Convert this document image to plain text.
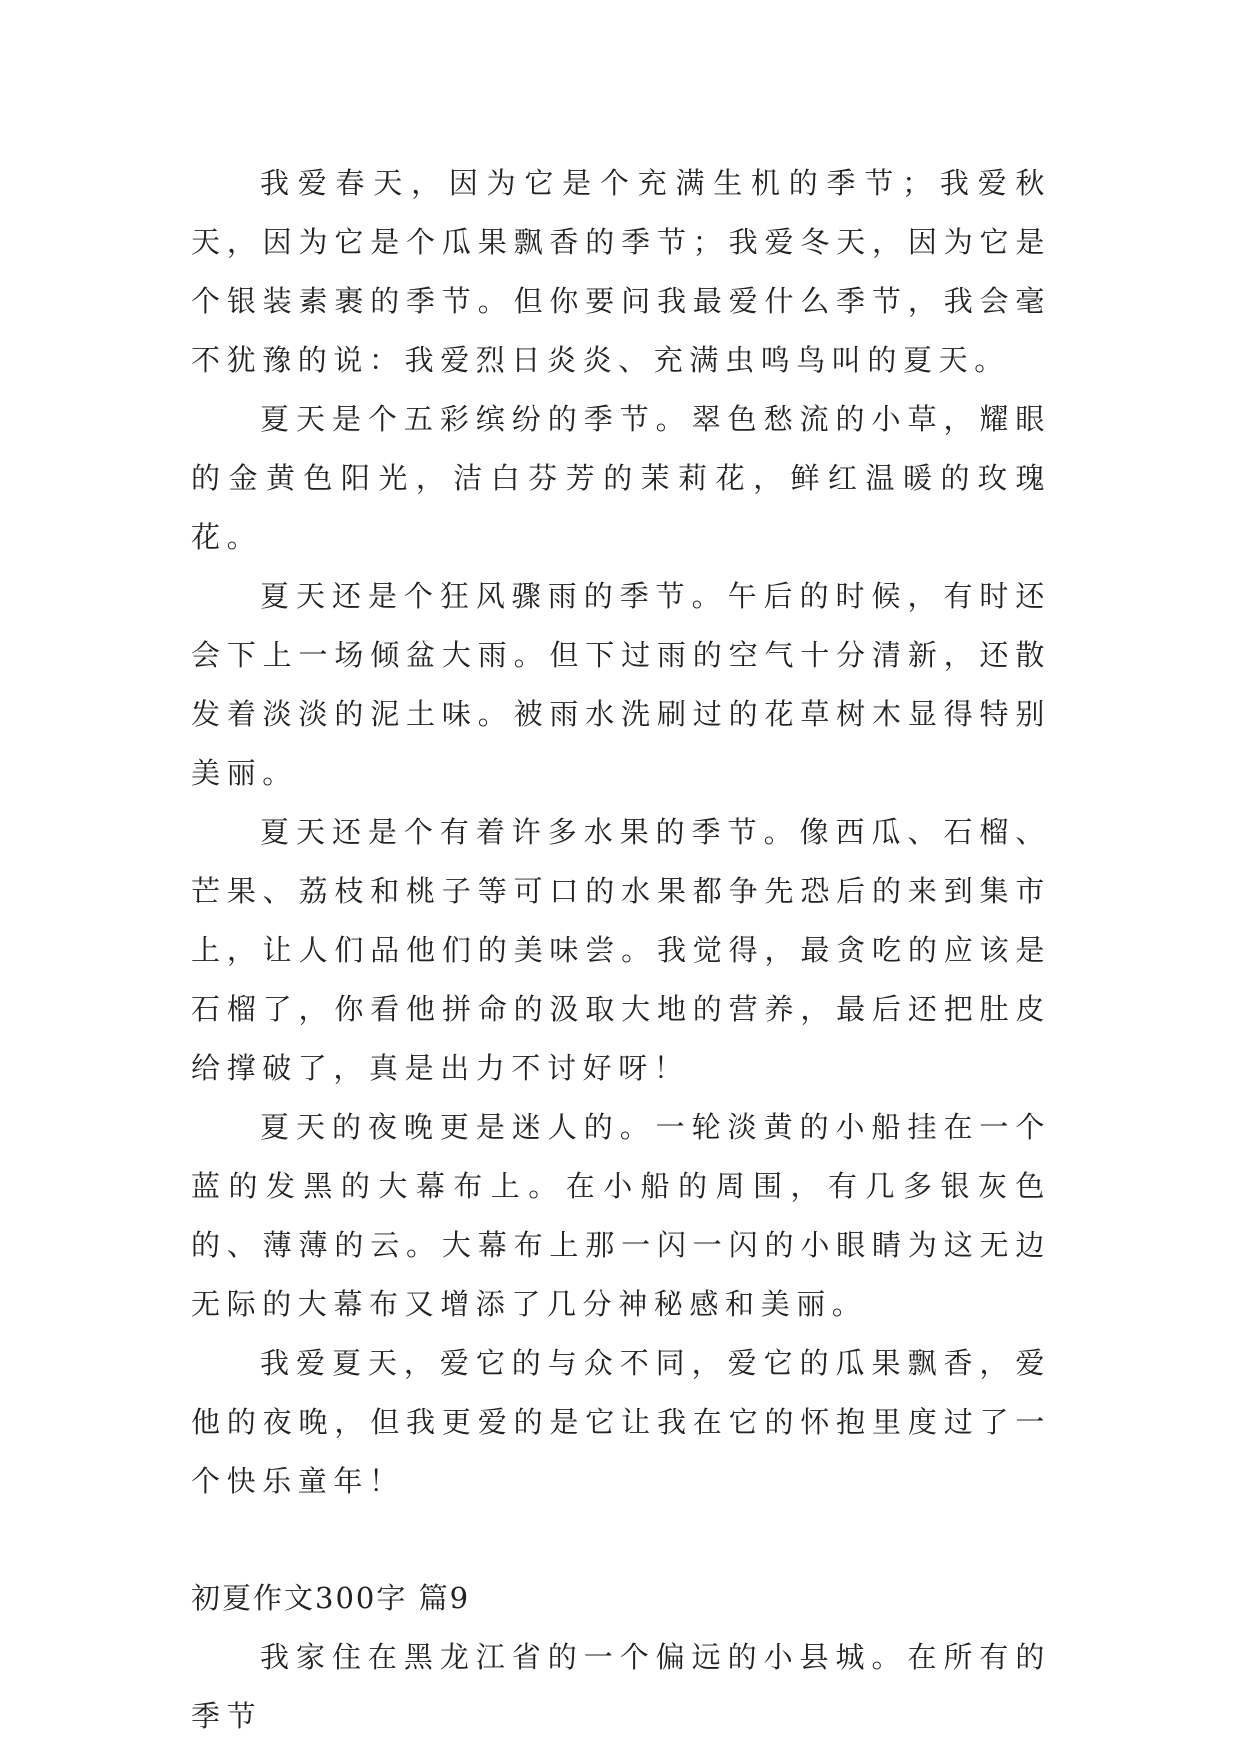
我爱春天，因为它是个充满生机的季节；我爱秋天，因为它是个瓜果飘香的季节；我爱冬天，因为它是个银装素裹的季节。但你要问我最爱什么季节，我会毫不犹豫的说：我爱烈日炎炎、充满虫鸣鸟叫的夏天。

夏天是个五彩缤纷的季节。翠色愁流的小草，耀眼的金黄色阳光，洁白芬芳的茉莉花，鲜红温暖的玫瑰花。

夏天还是个狂风骤雨的季节。午后的时候，有时还会下上一场倾盆大雨。但下过雨的空气十分清新，还散发着淡淡的泥土味。被雨水洗刷过的花草树木显得特别美丽。

夏天还是个有着许多水果的季节。像西瓜、石榴、芒果、荔枝和桃子等可口的水果都争先恐后的来到集市上，让人们品他们的美味尝。我觉得，最贪吃的应该是石榴了，你看他拼命的汲取大地的营养，最后还把肚皮给撑破了，真是出力不讨好呀！

夏天的夜晚更是迷人的。一轮淡黄的小船挂在一个蓝的发黑的大幕布上。在小船的周围，有几多银灰色的、薄薄的云。大幕布上那一闪一闪的小眼睛为这无边无际的大幕布又增添了几分神秘感和美丽。

我爱夏天，爱它的与众不同，爱它的瓜果飘香，爱他的夜晚，但我更爱的是它让我在它的怀抱里度过了一个快乐童年！

初夏作文300字 篇9

我家住在黑龙江省的一个偏远的小县城。在所有的季节
